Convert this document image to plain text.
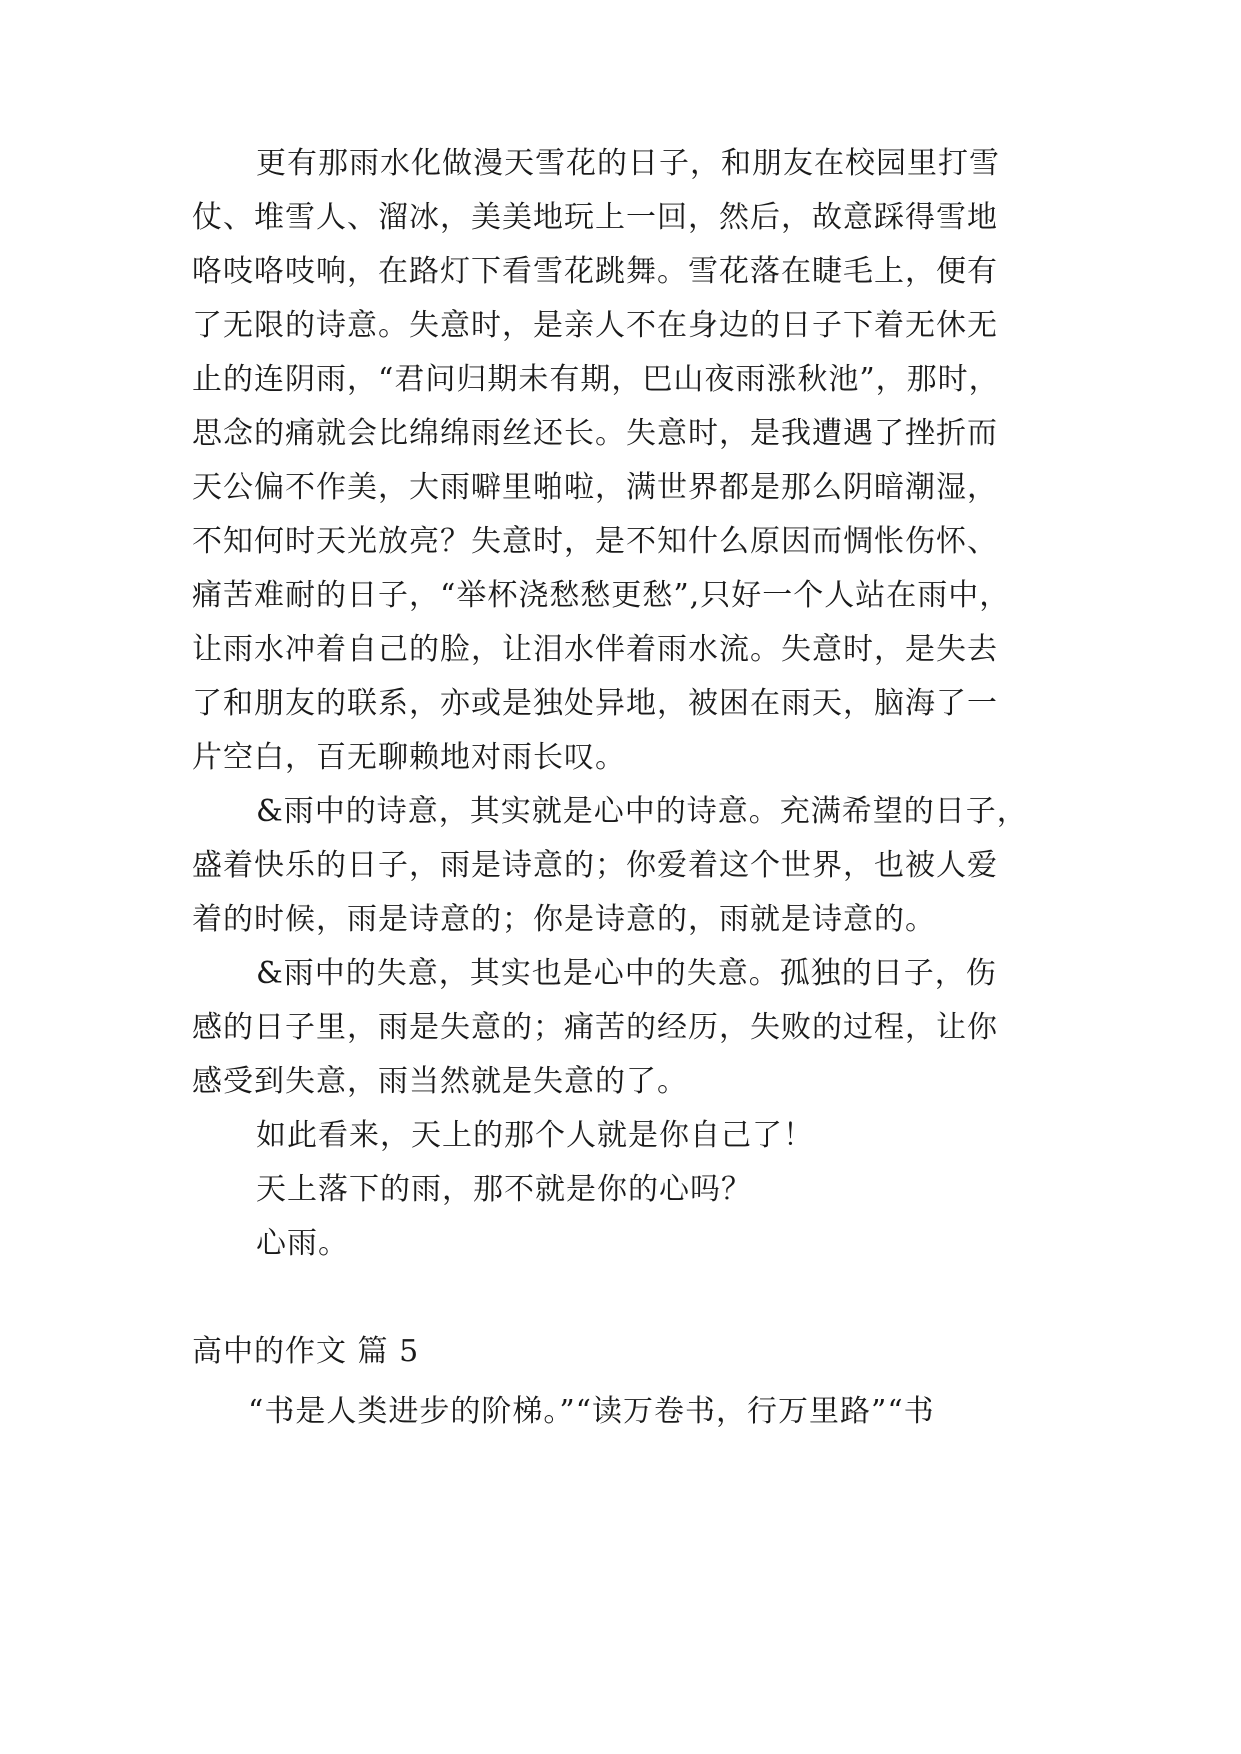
更有那雨水化做漫天雪花的日子，和朋友在校园里打雪
仗、堆雪人、溜冰，美美地玩上一回，然后，故意踩得雪地
咯吱咯吱响，在路灯下看雪花跳舞。雪花落在睫毛上，便有
了无限的诗意。失意时，是亲人不在身边的日子下着无休无
止的连阴雨，“君问归期未有期，巴山夜雨涨秋池”，那时，
思念的痛就会比绵绵雨丝还长。失意时，是我遭遇了挫折而
天公偏不作美，大雨噼里啪啦，满世界都是那么阴暗潮湿，
不知何时天光放亮？失意时，是不知什么原因而惆怅伤怀、
痛苦难耐的日子，“举杯浇愁愁更愁”,只好一个人站在雨中，
让雨水冲着自己的脸，让泪水伴着雨水流。失意时，是失去
了和朋友的联系，亦或是独处异地，被困在雨天，脑海了一
片空白，百无聊赖地对雨长叹。
&雨中的诗意，其实就是心中的诗意。充满希望的日子，
盛着快乐的日子，雨是诗意的；你爱着这个世界，也被人爱
着的时候，雨是诗意的；你是诗意的，雨就是诗意的。
&雨中的失意，其实也是心中的失意。孤独的日子，伤
感的日子里，雨是失意的；痛苦的经历，失败的过程，让你
感受到失意，雨当然就是失意的了。
如此看来，天上的那个人就是你自己了！
天上落下的雨，那不就是你的心吗？
心雨。
高中的作文 篇 5
“书是人类进步的阶梯。”“读万卷书，行万里路”“书
